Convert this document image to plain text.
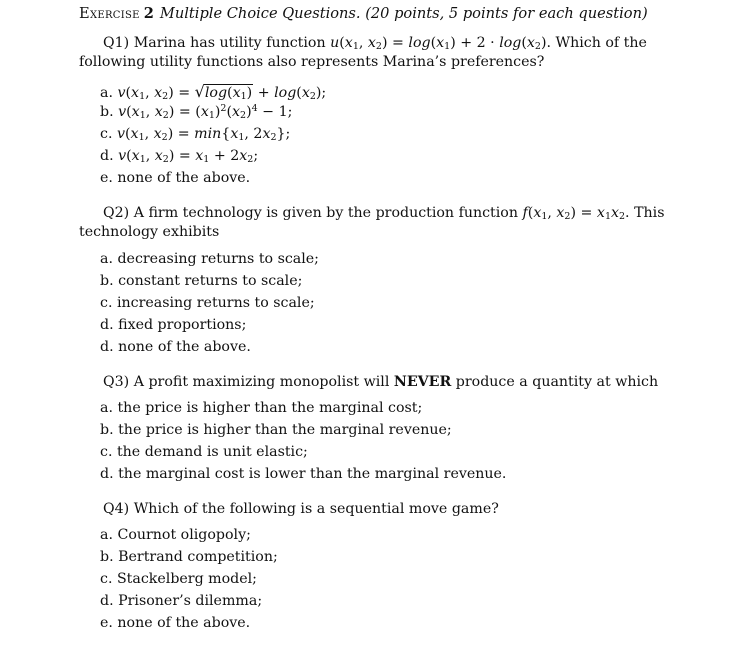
Exercise 2 Multiple Choice Questions. (20 points, 5 points for each question)
Q1) Marina has utility function $u(x_1$, $x_2) = \log(x_1) + 2 \cdot \log(x_2)$. Which of the following utility functions also represents Marina’s preferences?
a. $v(x_1$, $x_2) = √\log(x_1) + \log(x_2)$;
b. $v(x_1$, $x_2) = (x_1)^2(x_2)^4 - 1$;
c. $v(x_1$, $x_2) = \min\{x_1$, $2x_2$};
d. $v(x_1$, $x_2) = x_1 + 2x_2$;
e. none of the above.
Q2) A firm technology is given by the production function $f(x_1$, $x_2) = x_1x_2$. This technology exhibits
a. decreasing returns to scale;
b. constant returns to scale;
c. increasing returns to scale;
d. fixed proportions;
d. none of the above.
Q3) A profit maximizing monopolist will NEVER produce a quantity at which
a. the price is higher than the marginal cost;
b. the price is higher than the marginal revenue;
c. the demand is unit elastic;
d. the marginal cost is lower than the marginal revenue.
Q4) Which of the following is a sequential move game?
a. Cournot oligopoly;
b. Bertrand competition;
c. Stackelberg model;
d. Prisoner’s dilemma;
e. none of the above.
